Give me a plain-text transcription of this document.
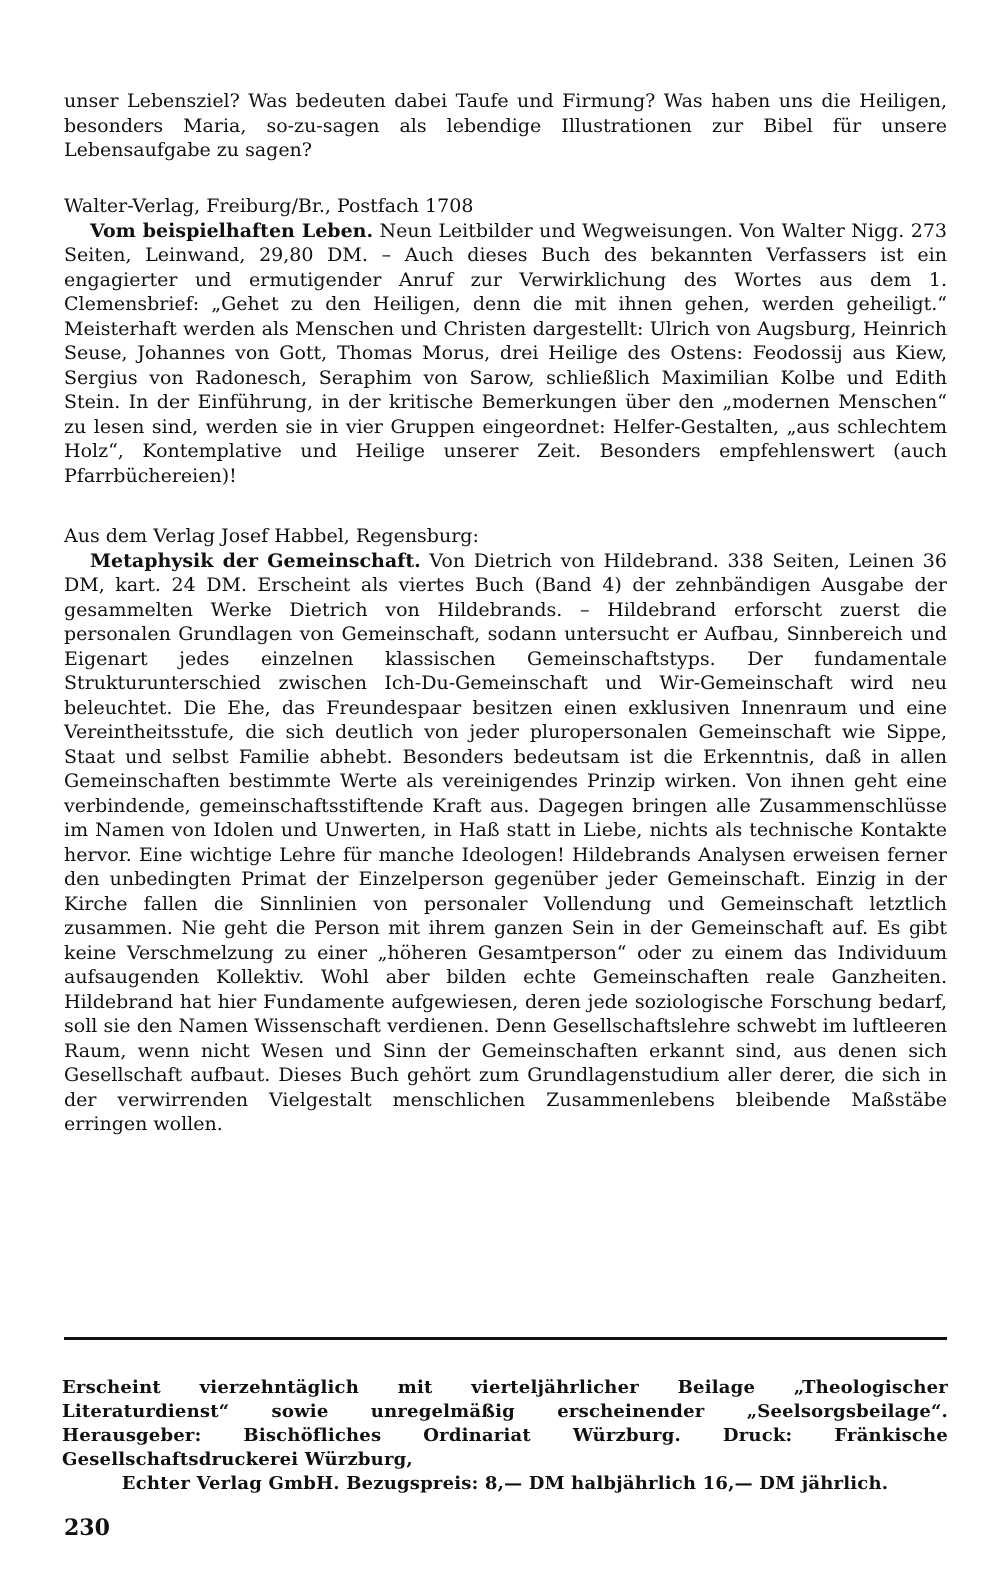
unser Lebensziel? Was bedeuten dabei Taufe und Firmung? Was haben uns die Heiligen, besonders Maria, so-zu-sagen als lebendige Illustrationen zur Bibel für unsere Lebensaufgabe zu sagen?

Walter-Verlag, Freiburg/Br., Postfach 1708

Vom beispielhaften Leben. Neun Leitbilder und Wegweisungen. Von Walter Nigg. 273 Seiten, Leinwand, 29,80 DM. – Auch dieses Buch des bekannten Verfassers ist ein engagierter und ermutigender Anruf zur Verwirklichung des Wortes aus dem 1. Clemensbrief: „Gehet zu den Heiligen, denn die mit ihnen gehen, werden geheiligt.“ Meisterhaft werden als Menschen und Christen dargestellt: Ulrich von Augsburg, Heinrich Seuse, Johannes von Gott, Thomas Morus, drei Heilige des Ostens: Feodossij aus Kiew, Sergius von Radonesch, Seraphim von Sarow, schließlich Maximilian Kolbe und Edith Stein. In der Einführung, in der kritische Bemerkungen über den „modernen Menschen“ zu lesen sind, werden sie in vier Gruppen eingeordnet: Helfer-Gestalten, „aus schlechtem Holz“, Kontemplative und Heilige unserer Zeit. Besonders empfehlenswert (auch Pfarrbüchereien)!

Aus dem Verlag Josef Habbel, Regensburg:

Metaphysik der Gemeinschaft. Von Dietrich von Hildebrand. 338 Seiten, Leinen 36 DM, kart. 24 DM. Erscheint als viertes Buch (Band 4) der zehnbändigen Ausgabe der gesammelten Werke Dietrich von Hildebrands. – Hildebrand erforscht zuerst die personalen Grundlagen von Gemeinschaft, sodann untersucht er Aufbau, Sinnbereich und Eigenart jedes einzelnen klassischen Gemeinschaftstyps. Der fundamentale Strukturunterschied zwischen Ich-Du-Gemeinschaft und Wir-Gemeinschaft wird neu beleuchtet. Die Ehe, das Freundespaar besitzen einen exklusiven Innenraum und eine Vereintheitsstufe, die sich deutlich von jeder pluropersonalen Gemeinschaft wie Sippe, Staat und selbst Familie abhebt. Besonders bedeutsam ist die Erkenntnis, daß in allen Gemeinschaften bestimmte Werte als vereinigendes Prinzip wirken. Von ihnen geht eine verbindende, gemeinschaftsstiftende Kraft aus. Dagegen bringen alle Zusammenschlüsse im Namen von Idolen und Unwerten, in Haß statt in Liebe, nichts als technische Kontakte hervor. Eine wichtige Lehre für manche Ideologen! Hildebrands Analysen erweisen ferner den unbedingten Primat der Einzelperson gegenüber jeder Gemeinschaft. Einzig in der Kirche fallen die Sinnlinien von personaler Vollendung und Gemeinschaft letztlich zusammen. Nie geht die Person mit ihrem ganzen Sein in der Gemeinschaft auf. Es gibt keine Verschmelzung zu einer „höheren Gesamtperson“ oder zu einem das Individuum aufsaugenden Kollektiv. Wohl aber bilden echte Gemeinschaften reale Ganzheiten. Hildebrand hat hier Fundamente aufgewiesen, deren jede soziologische Forschung bedarf, soll sie den Namen Wissenschaft verdienen. Denn Gesellschaftslehre schwebt im luftleeren Raum, wenn nicht Wesen und Sinn der Gemeinschaften erkannt sind, aus denen sich Gesellschaft aufbaut. Dieses Buch gehört zum Grundlagenstudium aller derer, die sich in der verwirrenden Vielgestalt menschlichen Zusammenlebens bleibende Maßstäbe erringen wollen.

Erscheint vierzehntäglich mit vierteljährlicher Beilage „Theologischer Literaturdienst“ sowie unregelmäßig erscheinender „Seelsorgsbeilage“. Herausgeber: Bischöfliches Ordinariat Würzburg. Druck: Fränkische Gesellschaftsdruckerei Würzburg,

Echter Verlag GmbH. Bezugspreis: 8,— DM halbjährlich 16,— DM jährlich.

230
